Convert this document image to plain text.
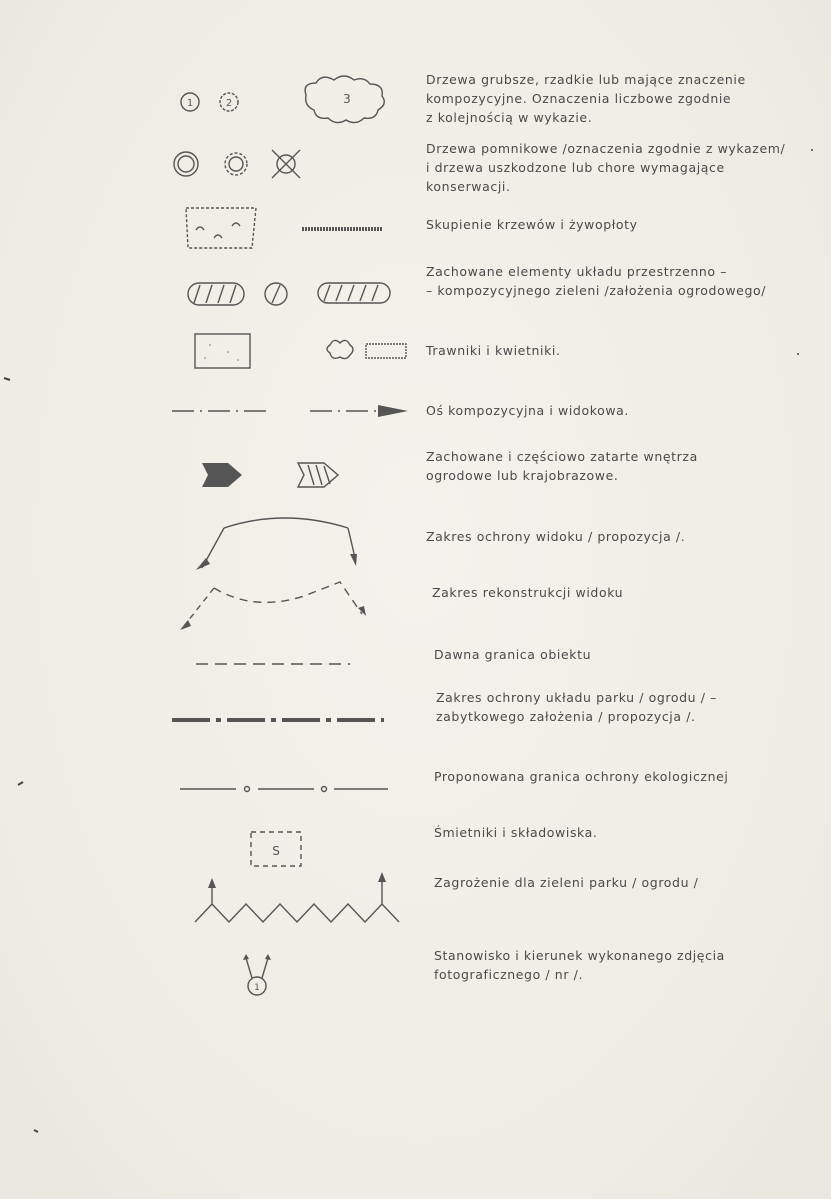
1	2	3
Drzewa grubsze, rzadkie lub mające znaczenie
kompozycyjne. Oznaczenia liczbowe zgodnie
z kolejnością w wykazie.
Drzewa pomnikowe /oznaczenia zgodnie z wykazem/
i drzewa uszkodzone lub chore wymagające
konserwacji.
Skupienie krzewów i żywopłoty
Zachowane elementy układu przestrzenno –
– kompozycyjnego zieleni /założenia ogrodowego/
Trawniki i kwietniki.
Oś kompozycyjna i widokowa.
Zachowane i częściowo zatarte wnętrza
ogrodowe lub krajobrazowe.
Zakres ochrony widoku / propozycja /.
Zakres rekonstrukcji widoku
Dawna granica obiektu
Zakres ochrony układu parku / ogrodu / –
zabytkowego założenia / propozycja /.
Proponowana granica ochrony ekologicznej
S
Śmietniki i składowiska.
Zagrożenie dla zieleni parku / ogrodu /
1
Stanowisko i kierunek wykonanego zdjęcia
fotograficznego / nr /.
